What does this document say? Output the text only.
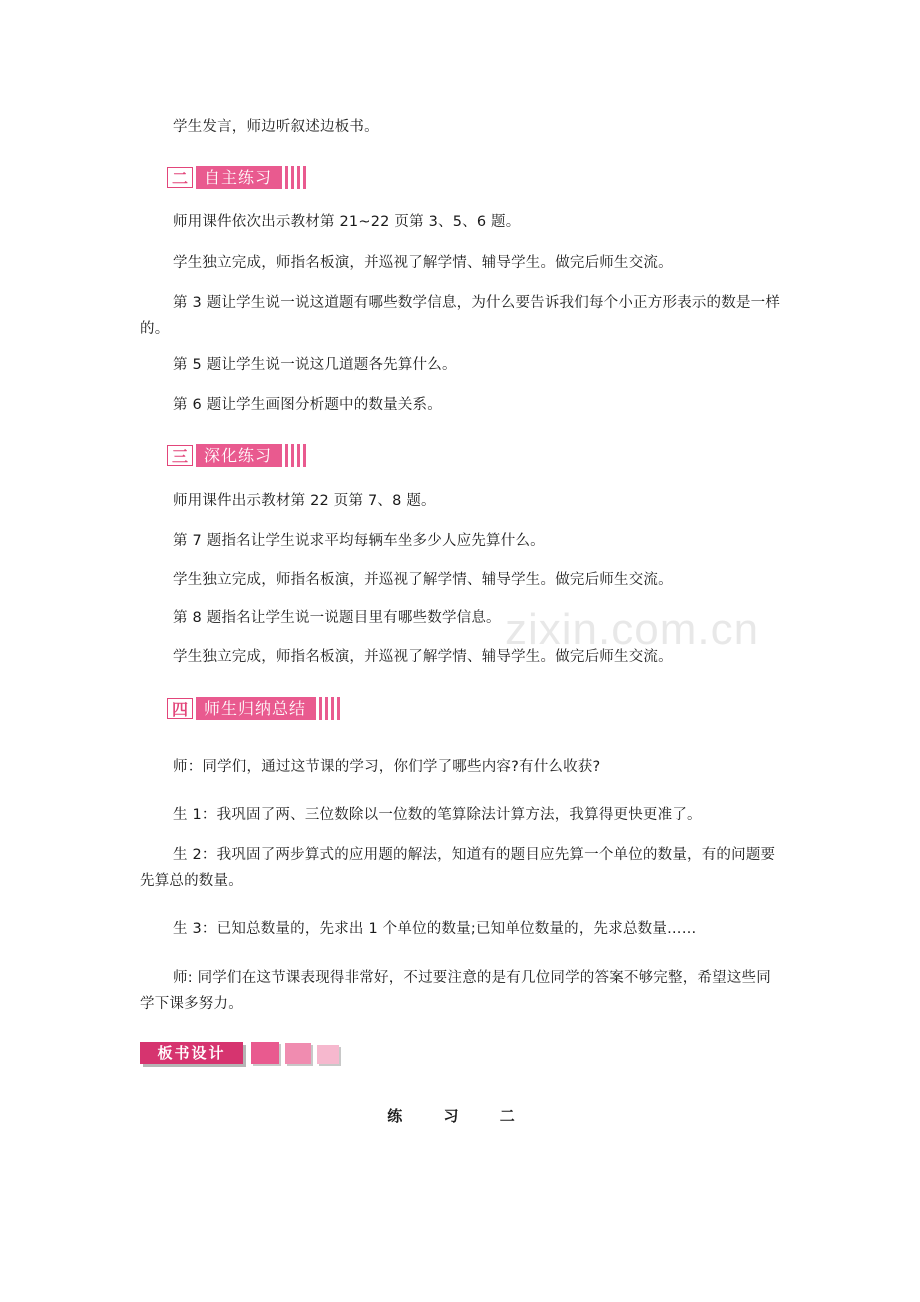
zixin.com.cn
学生发言，师边听叙述边板书。
二	自主练习
师用课件依次出示教材第 21~22 页第 3、5、6 题。
学生独立完成，师指名板演，并巡视了解学情、辅导学生。做完后师生交流。
第 3 题让学生说一说这道题有哪些数学信息，为什么要告诉我们每个小正方形表示的数是一样的。
第 5 题让学生说一说这几道题各先算什么。
第 6 题让学生画图分析题中的数量关系。
三	深化练习
师用课件出示教材第 22 页第 7、8 题。
第 7 题指名让学生说求平均每辆车坐多少人应先算什么。
学生独立完成，师指名板演，并巡视了解学情、辅导学生。做完后师生交流。
第 8 题指名让学生说一说题目里有哪些数学信息。
学生独立完成，师指名板演，并巡视了解学情、辅导学生。做完后师生交流。
四	师生归纳总结
师：同学们，通过这节课的学习，你们学了哪些内容?有什么收获?
生 1：我巩固了两、三位数除以一位数的笔算除法计算方法，我算得更快更准了。
生 2：我巩固了两步算式的应用题的解法，知道有的题目应先算一个单位的数量，有的问题要先算总的数量。
生 3：已知总数量的，先求出 1 个单位的数量;已知单位数量的，先求总数量……
师: 同学们在这节课表现得非常好，不过要注意的是有几位同学的答案不够完整，希望这些同学下课多努力。
板书设计
练 习 二
